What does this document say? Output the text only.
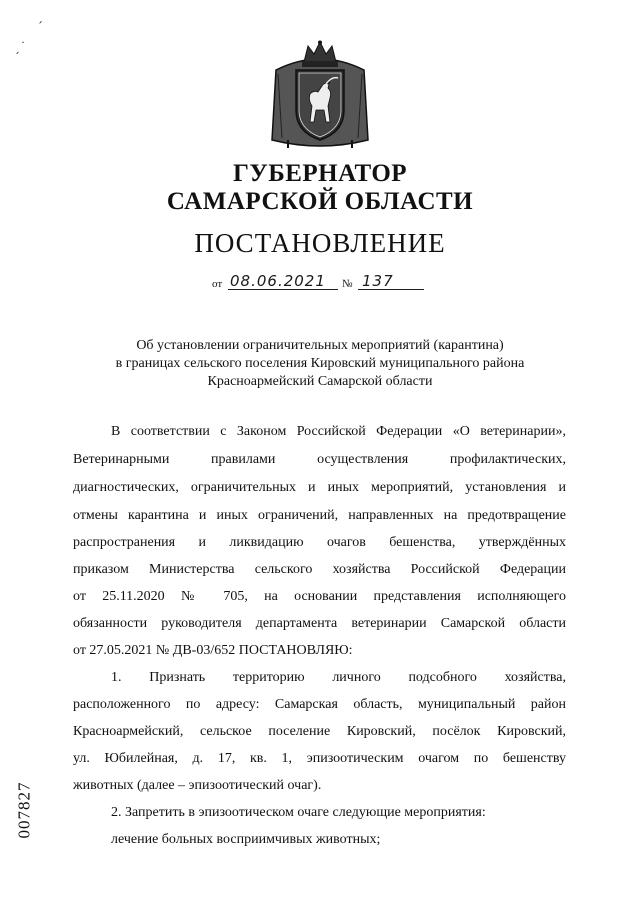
ˊ
ˏ˙
ГУБЕРНАТОР
САМАРСКОЙ ОБЛАСТИ
ПОСТАНОВЛЕНИЕ
от 08.06.2021 № 137
Об установлении ограничительных мероприятий (карантина)
в границах сельского поселения Кировский муниципального района
Красноармейский Самарской области
В соответствии с Законом Российской Федерации «О ветеринарии»,
Ветеринарными правилами осуществления профилактических,
диагностических, ограничительных и иных мероприятий, установления и
отмены карантина и иных ограничений, направленных на предотвращение
распространения и ликвидацию очагов бешенства, утверждённых
приказом Министерства сельского хозяйства Российской Федерации
от 25.11.2020 № 705, на основании представления исполняющего
обязанности руководителя департамента ветеринарии Самарской области
от 27.05.2021 № ДВ-03/652 ПОСТАНОВЛЯЮ:
1. Признать территорию личного подсобного хозяйства,
расположенного по адресу: Самарская область, муниципальный район
Красноармейский, сельское поселение Кировский, посёлок Кировский,
ул. Юбилейная, д. 17, кв. 1, эпизоотическим очагом по бешенству
животных (далее – эпизоотический очаг).
2. Запретить в эпизоотическом очаге следующие мероприятия:
лечение больных восприимчивых животных;
007827
